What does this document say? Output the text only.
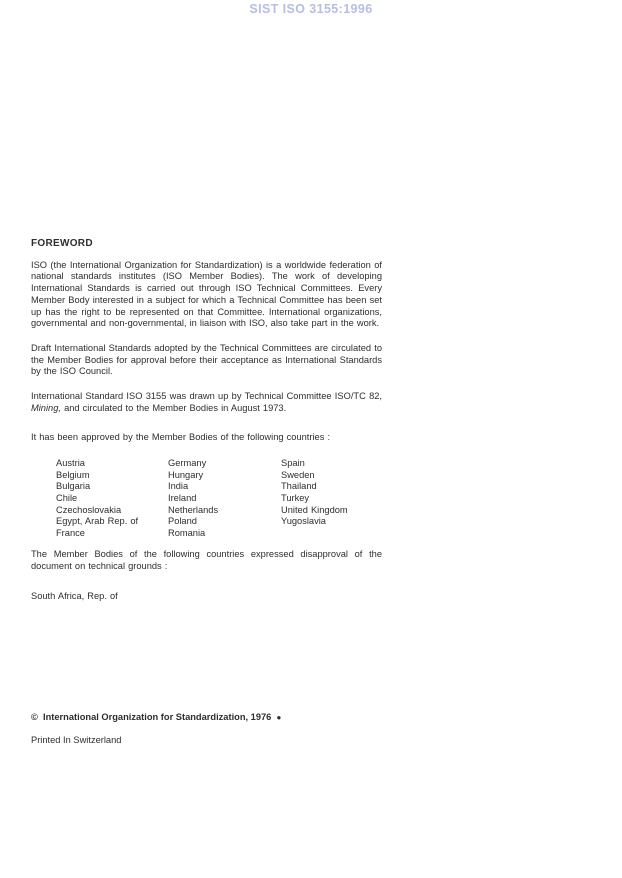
SIST ISO 3155:1996
FOREWORD

ISO (the International Organization for Standardization) is a worldwide federation of national standards institutes (ISO Member Bodies). The work of developing International Standards is carried out through ISO Technical Committees. Every Member Body interested in a subject for which a Technical Committee has been set up has the right to be represented on that Committee. International organizations, governmental and non-governmental, in liaison with ISO, also take part in the work.

Draft International Standards adopted by the Technical Committees are circulated to the Member Bodies for approval before their acceptance as International Standards by the ISO Council.

International Standard ISO 3155 was drawn up by Technical Committee ISO/TC 82, Mining, and circulated to the Member Bodies in August 1973.

It has been approved by the Member Bodies of the following countries :

Austria
Belgium
Bulgaria
Chile
Czechoslovakia
Egypt, Arab Rep. of
France
Germany
Hungary
India
Ireland
Netherlands
Poland
Romania
Spain
Sweden
Thailand
Turkey
United Kingdom
Yugoslavia

The Member Bodies of the following countries expressed disapproval of the document on technical grounds :

South Africa, Rep. of

© International Organization for Standardization, 1976 ●

Printed In Switzerland
